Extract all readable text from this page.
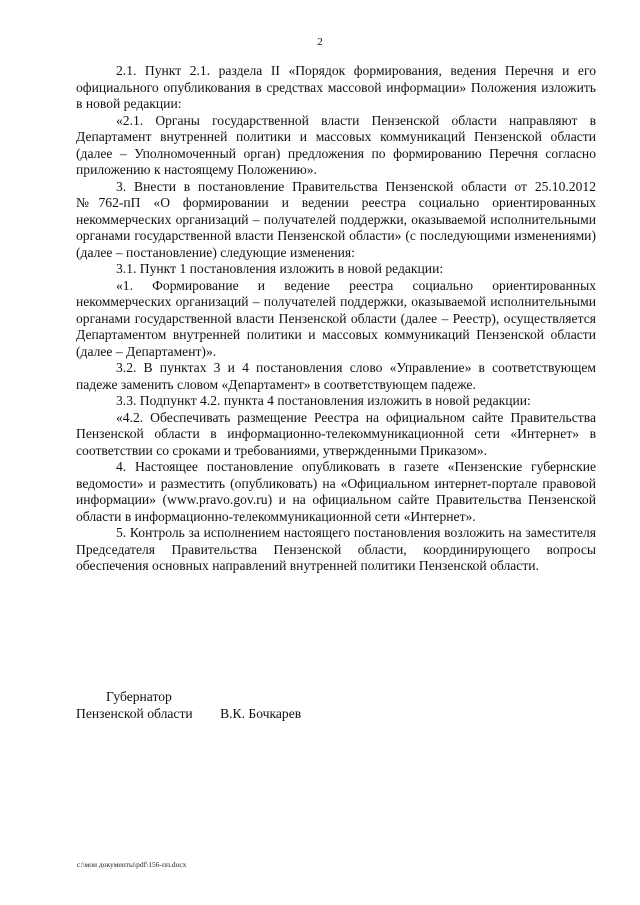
2

2.1. Пункт 2.1. раздела II «Порядок формирования, ведения Перечня и его официального опубликования в средствах массовой информации» Положения изложить в новой редакции:

«2.1. Органы государственной власти Пензенской области направляют в Департамент внутренней политики и массовых коммуникаций Пензенской области (далее – Уполномоченный орган) предложения по формированию Перечня согласно приложению к настоящему Положению».

3. Внести в постановление Правительства Пензенской области от 25.10.2012 №762-пП «О формировании и ведении реестра социально ориентированных некоммерческих организаций – получателей поддержки, оказываемой исполнительными органами государственной власти Пензенской области» (с последующими изменениями) (далее – постановление) следующие изменения:

3.1. Пункт 1 постановления изложить в новой редакции:

«1. Формирование и ведение реестра социально ориентированных некоммерческих организаций – получателей поддержки, оказываемой исполнительными органами государственной власти Пензенской области (далее – Реестр), осуществляется Департаментом внутренней политики и массовых коммуникаций Пензенской области (далее – Департамент)».

3.2. В пунктах 3 и 4 постановления слово «Управление» в соответствующем падеже заменить словом «Департамент» в соответствующем падеже.

3.3. Подпункт 4.2. пункта 4 постановления изложить в новой редакции:

«4.2. Обеспечивать размещение Реестра на официальном сайте Правительства Пензенской области в информационно-телекоммуникационной сети «Интернет» в соответствии со сроками и требованиями, утвержденными Приказом».

4. Настоящее постановление опубликовать в газете «Пензенские губернские ведомости» и разместить (опубликовать) на «Официальном интернет-портале правовой информации» (www.pravo.gov.ru) и на официальном сайте Правительства Пензенской области в информационно-телекоммуникационной сети «Интернет».

5. Контроль за исполнением настоящего постановления возложить на заместителя Председателя Правительства Пензенской области, координирующего вопросы обеспечения основных направлений внутренней политики Пензенской области.

Губернатор

Пензенской области В.К. Бочкарев

c:\мои документы\pdf\156-пп.docx
